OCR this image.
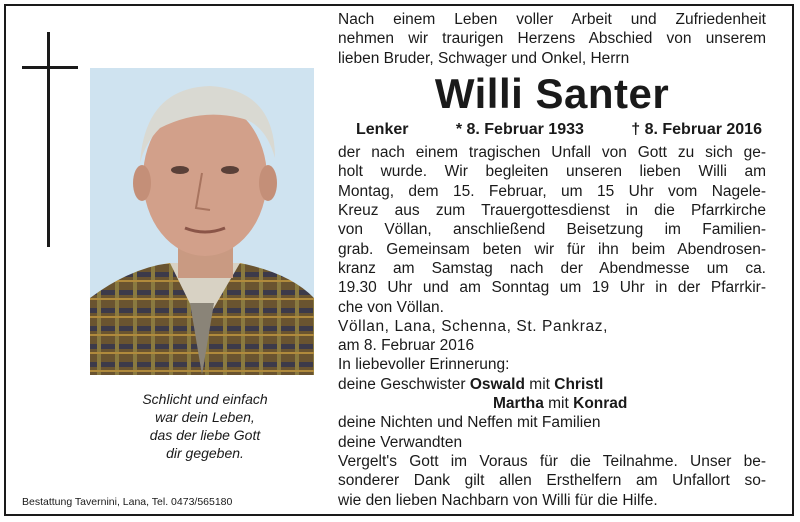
Schlicht und einfach
war dein Leben,
das der liebe Gott
dir gegeben.
Bestattung Tavernini, Lana, Tel. 0473/565180
Nach einem Leben voller Arbeit und Zufriedenheit
nehmen wir traurigen Herzens Abschied von unserem
lieben Bruder, Schwager und Onkel, Herrn
Willi Santer
Lenker	* 8. Februar 1933	† 8. Februar 2016
der nach einem tragischen Unfall von Gott zu sich ge-
holt wurde. Wir begleiten unseren lieben Willi am
Montag, dem 15. Februar, um 15 Uhr vom Nagele-
Kreuz aus zum Trauergottesdienst in die Pfarrkirche
von Völlan, anschließend Beisetzung im Familien-
grab. Gemeinsam beten wir für ihn beim Abendrosen-
kranz am Samstag nach der Abendmesse um ca.
19.30 Uhr und am Sonntag um 19 Uhr in der Pfarrkir-
che von Völlan.
Völlan, Lana, Schenna, St. Pankraz,
am 8. Februar 2016
In liebevoller Erinnerung:
deine Geschwister Oswald mit Christl
Martha mit Konrad
deine Nichten und Neffen mit Familien
deine Verwandten
Vergelt's Gott im Voraus für die Teilnahme. Unser be-
sonderer Dank gilt allen Ersthelfern am Unfallort so-
wie den lieben Nachbarn von Willi für die Hilfe.
